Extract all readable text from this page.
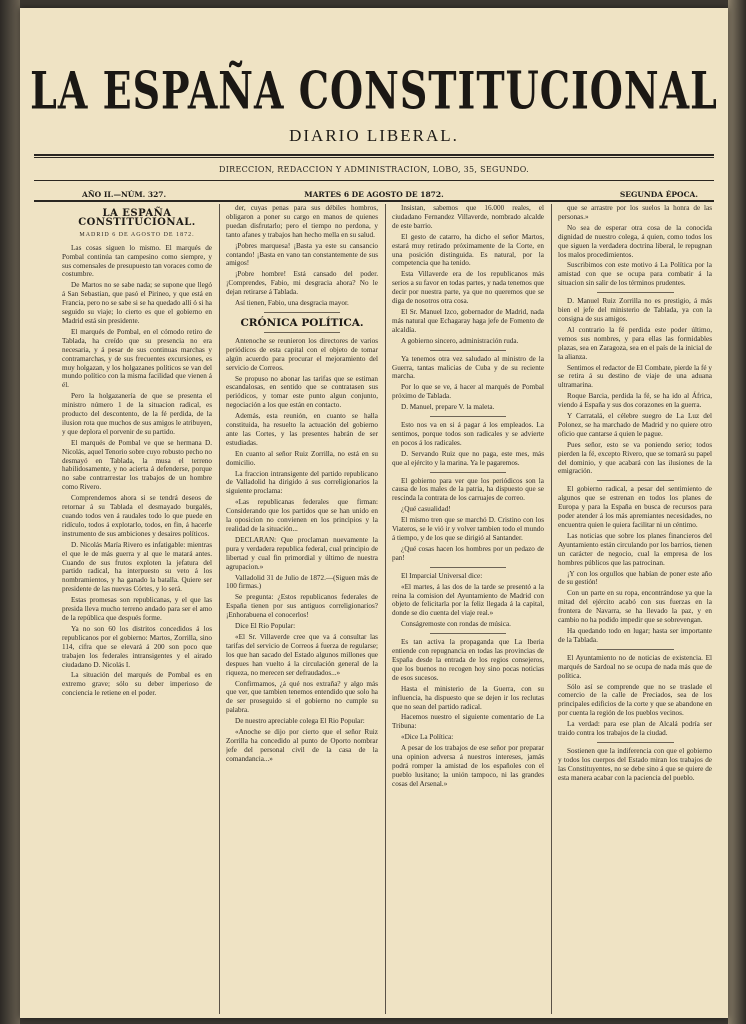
LA ESPAÑA CONSTITUCIONAL
DIARIO LIBERAL.
DIRECCION, REDACCION Y ADMINISTRACION, LOBO, 35, SEGUNDO.
AÑO II.—NÚM. 327.	MARTES 6 DE AGOSTO DE 1872.	SEGUNDA ÉPOCA.
LA ESPAÑA CONSTITUCIONAL.
MADRID 6 DE AGOSTO DE 1872.

Las cosas siguen lo mismo. El marqués de Pombal continúa tan campesino como siempre, y sus comensales de presupuesto tan voraces como de costumbre.

De Martos no se sabe nada; se supone que llegó á San Sebastian, que pasó el Pirineo, y que está en Francia, pero no se sabe si se ha quedado allí ó si ha seguido su viaje; lo cierto es que el gobierno en Madrid está sin presidente.

El marqués de Pombal, en el cómodo retiro de Tablada, ha creído que su presencia no era necesaria, y á pesar de sus continuas marchas y contramarchas, y de sus frecuentes excursiones, es muy holgazan, y los holgazanes políticos se van del mundo político con la misma facilidad que vienen á él.

Pero la holgazanería de que se presenta el ministro número 1 de la situacion radical, es producto del descontento, de la fé perdida, de la ilusion rota que muchos de sus amigos le atribuyen, y que deplora el porvenir de su partido.

El marqués de Pombal ve que se hermana D. Nicolás, aquel Tenorio sobre cuyo robusto pecho no desmayó en Tablada, la musa el terreno habilidosamente, y no acierta á defenderse, porque no sabe contrarrestar los trabajos de un hombre como Rivero.

Comprendemos ahora si se tendrá deseos de retornar á su Tablada el desmayado burgalés, cuando todos ven á raudales todo lo que puede en ridículo, todos á explotarlo, todos, en fin, á hacerle instrumento de sus ambiciones y desaires políticos.

D. Nicolás María Rivero es infatigable: mientras el que le de más guerra y al que le matará antes. Cuando de sus frutos exploten la jefatura del partido radical, ha interpuesto su veto á los nombramientos, y ha ganado la batalla. Quiere ser presidente de las nuevas Córtes, y lo será.

Estas promesas son republicanas, y el que las presida lleva mucho terreno andado para ser el amo de la república que después forme.

Ya no son 60 los distritos concedidos á los republicanos por el gobierno: Martos, Zorrilla, sino 114, cifra que se elevará á 200 son poco que trabajen los federales intransigentes y el airado ciudadano D. Nicolás I.

La situación del marqués de Pombal es en extremo grave; sólo su deber imperioso de conciencia le retiene en el poder.

der, cuyas penas para sus débiles hombros, obligaron a poner su cargo en manos de quienes puedan disfrutarlo; pero el tiempo no perdona, y tanto afanes y trabajos han hecho mella en su salud.

¡Pobres marquesa! ¡Basta ya este su cansancio contando! ¡Basta en vano tan constantemente de sus amigos!

¡Pobre hombre! Está cansado del poder. ¡Comprendes, Fabio, mi desgracia ahora? No le dejan retirarse á Tablada.

Así tienen, Fabio, una desgracia mayor.

CRÓNICA POLÍTICA.

Antenoche se reunieron los directores de varios periódicos de esta capital con el objeto de tomar algún acuerdo para procurar el mejoramiento del servicio de Correos.

Se propuso no abonar las tarifas que se estiman escandalosas, en sentido que se contratasen sus periódicos, y tomar este punto algun conjunto, negociación a los que están en contacto.

Además, esta reunión, en cuanto se halla constituida, ha resuelto la actuación del gobierno ante las Cortes, y las presentes habrán de ser estudiadas.

En cuanto al señor Ruiz Zorrilla, no está en su domicilio.

La fraccion intransigente del partido republicano de Valladolid ha dirigido á sus correligionarios la siguiente proclama:

«Las republicanas federales que firman: Considerando que los partidos que se han unido en la oposicion no convienen en los principios y la realidad de la situación...

DECLARAN: Que proclaman nuevamente la pura y verdadera republica federal, cual principio de libertad y cual fin primordial y último de nuestra agrupacion.»

Valladolid 31 de Julio de 1872.—(Siguen más de 100 firmas.)

Se pregunta: ¿Estos republicanos federales de España tienen por sus antiguos correligionarios? ¡Enhorabuena el conocerlos!

Dice El Rio Popular:

«El Sr. Villaverde cree que va á consultar las tarifas del servicio de Correos á fuerza de regularse; los que han sacado del Estado algunos millones que despues han vuelto á la circulación general de la riqueza, no merecen ser defraudados...»

Confirmamos, ¿á qué nos extraña? y algo más que ver, que tambien tenemos entendido que solo ha de ser proseguido si el gobierno no cumple su palabra.

De nuestro apreciable colega El Rio Popular:

«Anoche se dijo por cierto que el señor Ruiz Zorrilla ha concedido al punto de Oporto nombrar jefe del personal civil de la casa de la comandancia...»

Insistan, sabemos que 16.000 reales, el ciudadano Fernandez Villaverde, nombrado alcalde de este barrio.

El gesto de catarro, ha dicho el señor Martos, estará muy retirado próximamente de la Corte, en una posición distinguida. Es natural, por la competencia que ha tenido.

Esta Villaverde era de los republicanos más serios a su favor en todas partes, y nada tenemos que decir por nuestra parte, ya que no queremos que se diga de nosotros otra cosa.

El Sr. Manuel Izco, gobernador de Madrid, nada más natural que Echagaray haga jefe de Fomento de alcaldía.

A gobierno sincero, administración ruda.

Ya tenemos otra vez saludado al ministro de la Guerra, tantas malicias de Cuba y de su reciente marcha.

Por lo que se ve, á hacer al marqués de Pombal próximo de Tablada.

D. Manuel, prepare V. la maleta.

Esto nos va en si á pagar á los empleados. La sentimos, porque todos son radicales y se advierte en pocos á los radicales.

D. Servando Ruiz que no paga, este mes, más que al ejército y la marina. Ya le pagaremos.

El gobierno para ver que los periódicos son la causa de los males de la patria, ha dispuesto que se rescinda la contrata de los carruajes de correo.

¿Qué casualidad!

El mismo tren que se marchó D. Cristino con los Viateros, se le vió ir y volver tambien todo el mundo á tiempo, y de los que se dirigió al Santander.

¿Qué cosas hacen los hombres por un pedazo de pan!

El Imparcial Universal dice:

«El martes, á las dos de la tarde se presentó a la reina la comision del Ayuntamiento de Madrid con objeto de felicitarla por la feliz llegada á la capital, donde se dio cuenta del viaje real.»

Conságremoste con rondas de música.

Es tan activa la propaganda que La Iberia entiende con repugnancia en todas las provincias de España desde la entrada de los regios consejeros, que los buenos no recogen hoy sino pocas noticias de esos sucesos.

Hasta el ministerio de la Guerra, con su influencia, ha dispuesto que se dejen ir los reclutas que no sean del partido radical.

Hacemos nuestro el siguiente comentario de La Tribuna:

«Dice La Política:

A pesar de los trabajos de ese señor por preparar una opinion adversa á nuestros intereses, jamás podrá romper la amistad de los españoles con el pueblo lusitano; la unión tampoco, ni las grandes cosas del Arsenal.»

que se arrastre por los suelos la honra de las personas.»

No sea de esperar otra cosa de la conocida dignidad de nuestro colega, á quien, como todos los que siguen la verdadera doctrina liberal, le repugnan los malos procedimientos.

Suscribimos con este motivo á La Política por la amistad con que se ocupa para combatir á la situacion sin salir de los términos prudentes.

D. Manuel Ruiz Zorrilla no es prestigio, á más bien el jefe del ministerio de Tablada, ya con la consigna de sus amigos.

Al contrario la fé perdida este poder último, vemos sus nombres, y para ellas las formidables plazas, sea en Zaragoza, sea en el país de la inicial de la alianza.

Sentimos el redactor de El Combate, pierde la fé y se retira á su destino de viaje de una aduana ultramarina.

Roque Barcia, perdida la fé, se ha ido al África, viendo á España y sus dos corazones en la guerra.

Y Carratalá, el célebre suegro de La Luz del Polonez, se ha marchado de Madrid y no quiere otro oficio que cantarse á quien le pague.

Pues señor, esto se va poniendo serio; todos pierden la fé, excepto Rivero, que se tomará su papel del dominio, y que acabará con las ilusiones de la emigración.

El gobierno radical, a pesar del sentimiento de algunos que se estrenan en todos los planes de Europa y para la España en busca de recursos para poder atender á los más apremiantes necesidades, no encuentra quien le quiera facilitar ni un céntimo.

Las noticias que sobre los planes financieros del Ayuntamiento están circulando por los barrios, tienen un carácter de negocio, cual la empresa de los hombres públicos que las patrocinan.

¡Y con los orgullos que habían de poner este año de su gestión!

Con un parte en su ropa, encontrándose ya que la mitad del ejército acabó con sus fuerzas en la frontera de Navarra, se ha llevado la paz, y en cambio no ha podido impedir que se sobrevengan.

Ha quedando todo en lugar; hasta ser importante de la Tablada.

El Ayuntamiento no de noticias de existencia. El marqués de Sardoal no se ocupa de nada más que de política.

Sólo así se comprende que no se traslade el comercio de la calle de Preciados, sea de los principales edificios de la corte y que se abandone en por cuenta la región de los pueblos vecinos.

La verdad: para ese plan de Alcalá podría ser traido contra los trabajos de la ciudad.

Sostienen que la indiferencia con que el gobierno y todos los cuerpos del Estado miran los trabajos de las Constituyentes, no se debe sino á que se quiere de esta manera acabar con la paciencia del pueblo.
